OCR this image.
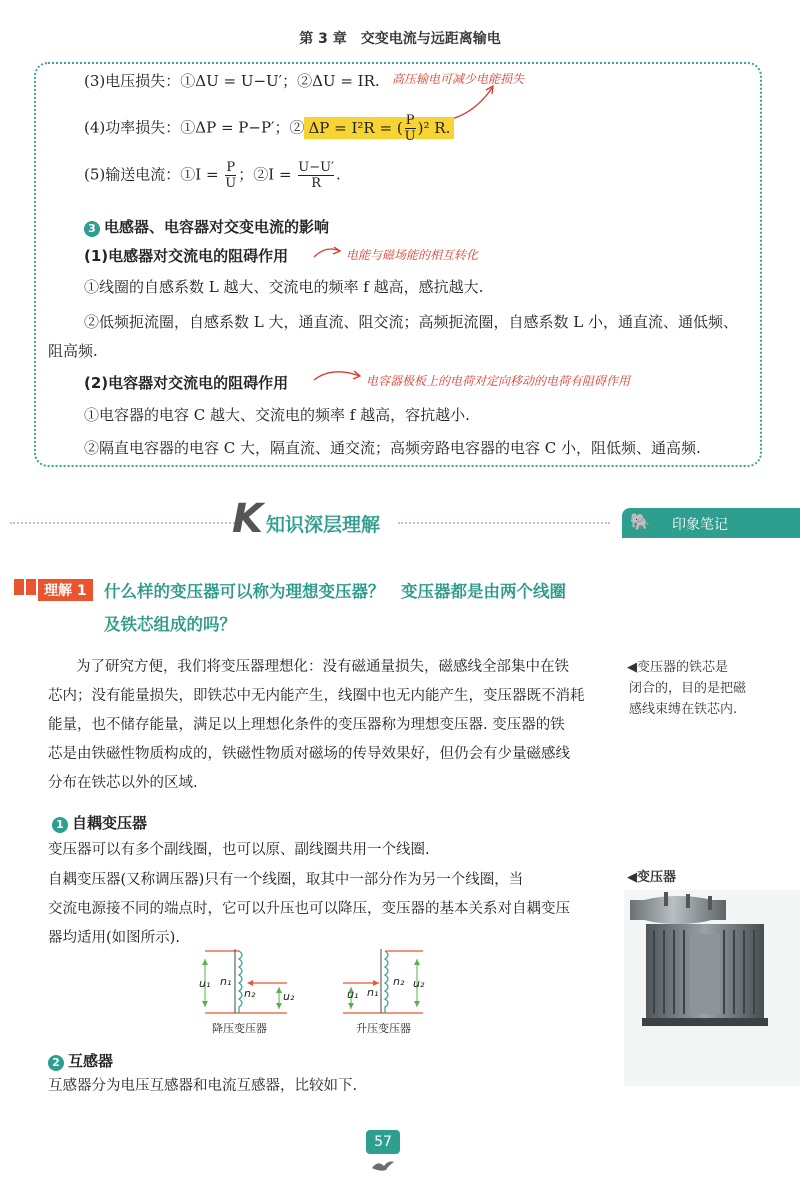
第 3 章　交变电流与远距离输电
(3)电压损失：①ΔU = U−U′；②ΔU = IR. 高压输电可减少电能损失
(4)功率损失：①ΔP = P−P′；② ΔP = I²R = ( $\frac{P}{U} )^2$ R.
(5)输送电流：①I = $\frac{P}{U}$ ；②I = $\frac{U-U'}{R}$ .
3 电感器、电容器对交变电流的影响
(1)电感器对交流电的阻碍作用	电能与磁场能的相互转化
①线圈的自感系数 L 越大、交流电的频率 f 越高，感抗越大.
②低频扼流圈，自感系数 L 大，通直流、阻交流；高频扼流圈，自感系数 L 小，通直流、通低频、
阻高频.
(2)电容器对交流电的阻碍作用	电容器极板上的电荷对定向移动的电荷有阻碍作用
①电容器的电容 C 越大、交流电的频率 f 越高，容抗越小.
②隔直电容器的电容 C 大，隔直流、通交流；高频旁路电容器的电容 C 小，阻低频、通高频.
K 知识深层理解	🐘 印象笔记
理解 1	什么样的变压器可以称为理想变压器？　变压器都是由两个线圈
及铁芯组成的吗？
为了研究方便，我们将变压器理想化：没有磁通量损失，磁感线全部集中在铁
芯内；没有能量损失，即铁芯中无内能产生，线圈中也无内能产生，变压器既不消耗
能量，也不储存能量，满足以上理想化条件的变压器称为理想变压器. 变压器的铁
芯是由铁磁性物质构成的，铁磁性物质对磁场的传导效果好，但仍会有少量磁感线
分布在铁芯以外的区域.
◀变压器的铁芯是
闭合的，目的是把磁
感线束缚在铁芯内.
1 自耦变压器
变压器可以有多个副线圈，也可以原、副线圈共用一个线圈.
自耦变压器(又称调压器)只有一个线圈，取其中一部分作为另一个线圈，当
交流电源接不同的端点时，它可以升压也可以降压，变压器的基本关系对自耦变压
器均适用(如图所示).
◀变压器
u₁ n₁
n₂	u₂	u₁ n₁
n₂ u₂
降压变压器	升压变压器
2 互感器
互感器分为电压互感器和电流互感器，比较如下.
57
